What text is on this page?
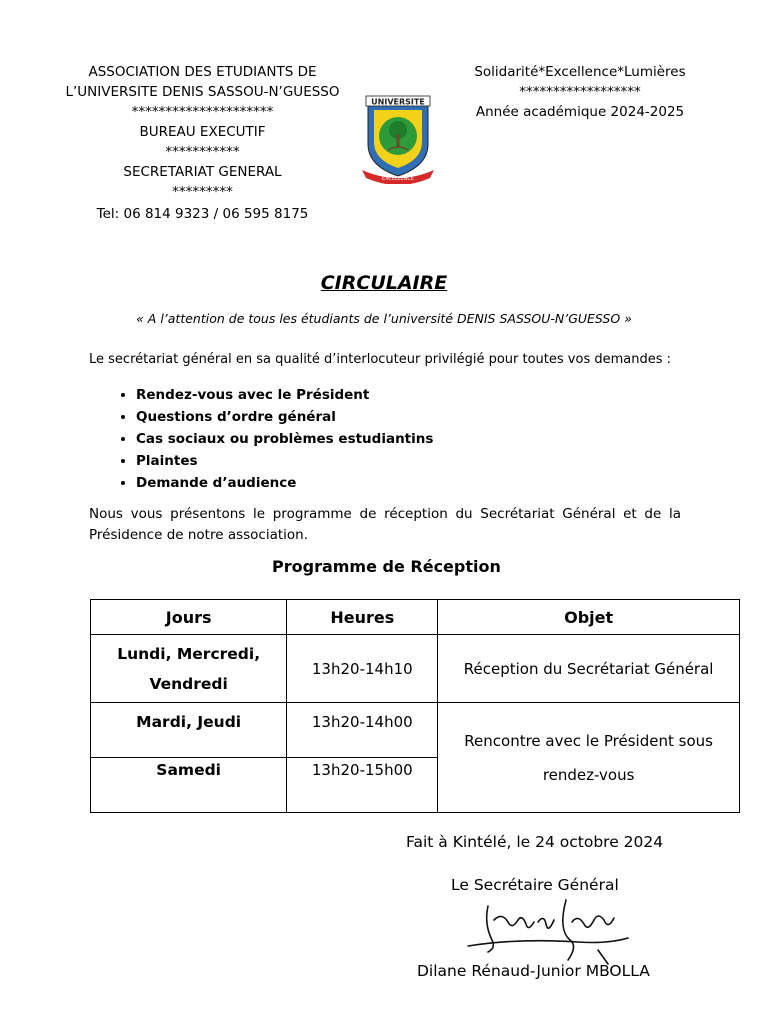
ASSOCIATION DES ETUDIANTS DE
L’UNIVERSITE DENIS SASSOU-N’GUESSO
*********************
BUREAU EXECUTIF
***********
SECRETARIAT GENERAL
*********
Tel: 06 814 9323 / 06 595 8175
UNIVERSITE
EXCELLENCE
Solidarité*Excellence*Lumières
******************
Année académique 2024-2025
CIRCULAIRE
« A l’attention de tous les étudiants de l’université DENIS SASSOU-N’GUESSO »
Le secrétariat général en sa qualité d’interlocuteur privilégié pour toutes vos demandes :
• Rendez-vous avec le Président
• Questions d’ordre général
• Cas sociaux ou problèmes estudiantins
• Plaintes
• Demande d’audience
Nous vous présentons le programme de réception du Secrétariat Général et de la Présidence de notre association.
Programme de Réception
Jours	Heures	Objet

Lundi, Mercredi,
Vendredi	13h20-14h10	Réception du Secrétariat Général
Mardi, Jeudi	13h20-14h00	Rencontre avec le Président sous
rendez-vous

Samedi	13h20-15h00	
Fait à Kintélé, le 24 octobre 2024
Le Secrétaire Général
Dilane Rénaud-Junior MBOLLA
